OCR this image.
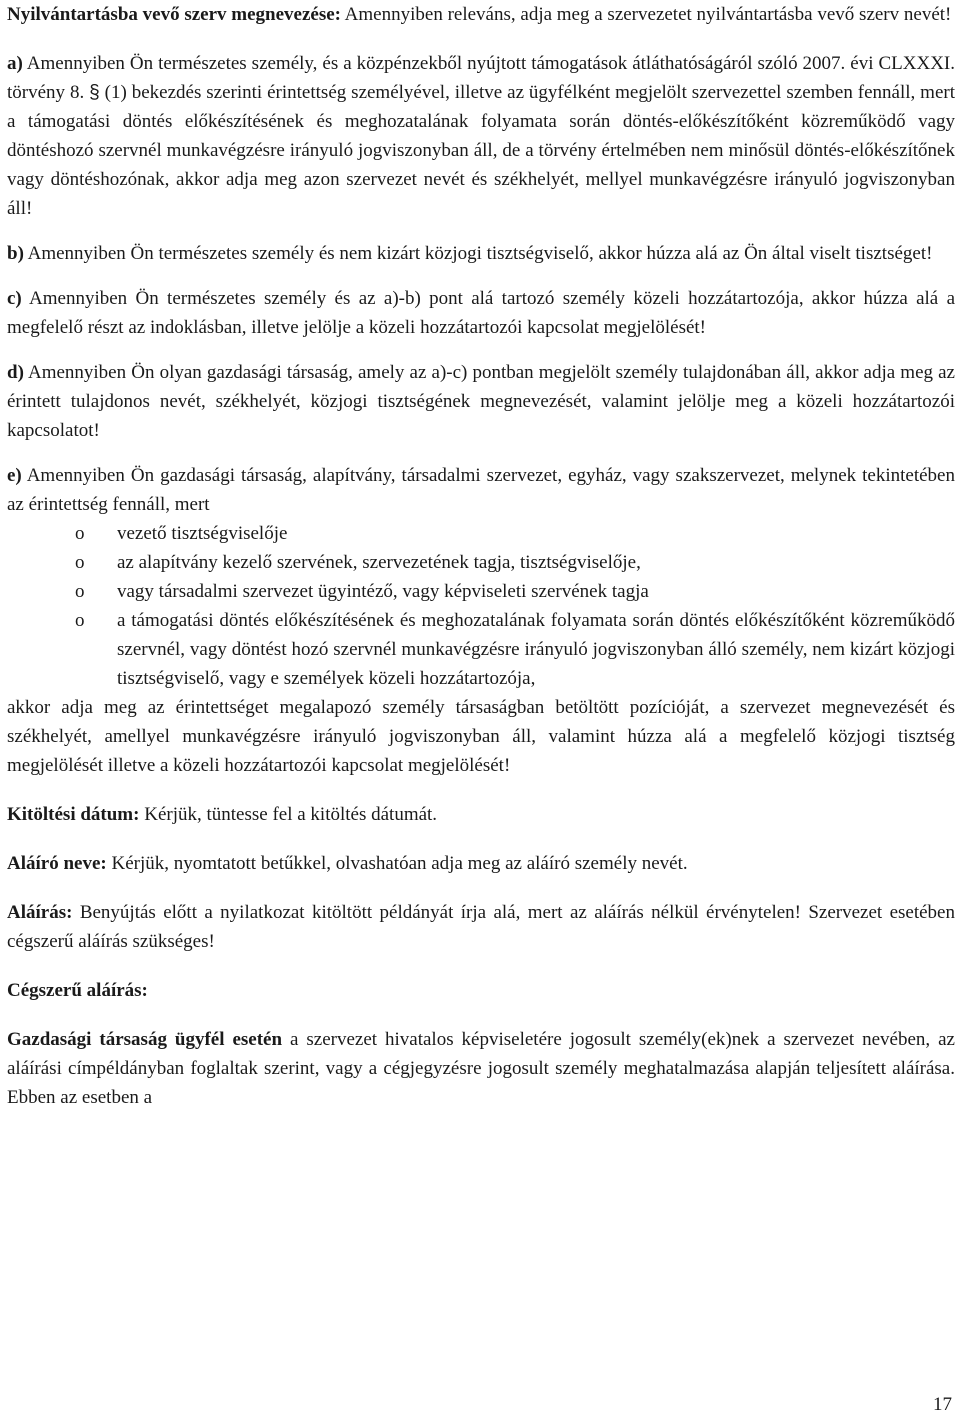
Nyilvántartásba vevő szerv megnevezése: Amennyiben releváns, adja meg a szervezetet nyilvántartásba vevő szerv nevét!

a) Amennyiben Ön természetes személy, és a közpénzekből nyújtott támogatások átláthatóságáról szóló 2007. évi CLXXXI. törvény 8. § (1) bekezdés szerinti érintettség személyével, illetve az ügyfélként megjelölt szervezettel szemben fennáll, mert a támogatási döntés előkészítésének és meghozatalának folyamata során döntés-előkészítőként közreműködő vagy döntéshozó szervnél munkavégzésre irányuló jogviszonyban áll, de a törvény értelmében nem minősül döntés-előkészítőnek vagy döntéshozónak, akkor adja meg azon szervezet nevét és székhelyét, mellyel munkavégzésre irányuló jogviszonyban áll!

b) Amennyiben Ön természetes személy és nem kizárt közjogi tisztségviselő, akkor húzza alá az Ön által viselt tisztséget!

c) Amennyiben Ön természetes személy és az a)-b) pont alá tartozó személy közeli hozzátartozója, akkor húzza alá a megfelelő részt az indoklásban, illetve jelölje a közeli hozzátartozói kapcsolat megjelölését!

d) Amennyiben Ön olyan gazdasági társaság, amely az a)-c) pontban megjelölt személy tulajdonában áll, akkor adja meg az érintett tulajdonos nevét, székhelyét, közjogi tisztségének megnevezését, valamint jelölje meg a közeli hozzátartozói kapcsolatot!

e) Amennyiben Ön gazdasági társaság, alapítvány, társadalmi szervezet, egyház, vagy szakszervezet, melynek tekintetében az érintettség fennáll, mert

o vezető tisztségviselője
o az alapítvány kezelő szervének, szervezetének tagja, tisztségviselője,
o vagy társadalmi szervezet ügyintéző, vagy képviseleti szervének tagja
o a támogatási döntés előkészítésének és meghozatalának folyamata során döntés előkészítőként közreműködő szervnél, vagy döntést hozó szervnél munkavégzésre irányuló jogviszonyban álló személy, nem kizárt közjogi tisztségviselő, vagy e személyek közeli hozzátartozója,

akkor adja meg az érintettséget megalapozó személy társaságban betöltött pozícióját, a szervezet megnevezését és székhelyét, amellyel munkavégzésre irányuló jogviszonyban áll, valamint húzza alá a megfelelő közjogi tisztség megjelölését illetve a közeli hozzátartozói kapcsolat megjelölését!

Kitöltési dátum: Kérjük, tüntesse fel a kitöltés dátumát.

Aláíró neve: Kérjük, nyomtatott betűkkel, olvashatóan adja meg az aláíró személy nevét.

Aláírás: Benyújtás előtt a nyilatkozat kitöltött példányát írja alá, mert az aláírás nélkül érvénytelen! Szervezet esetében cégszerű aláírás szükséges!

Cégszerű aláírás:

Gazdasági társaság ügyfél esetén a szervezet hivatalos képviseletére jogosult személy(ek)nek a szervezet nevében, az aláírási címpéldányban foglaltak szerint, vagy a cégjegyzésre jogosult személy meghatalmazása alapján teljesített aláírása. Ebben az esetben a

17
